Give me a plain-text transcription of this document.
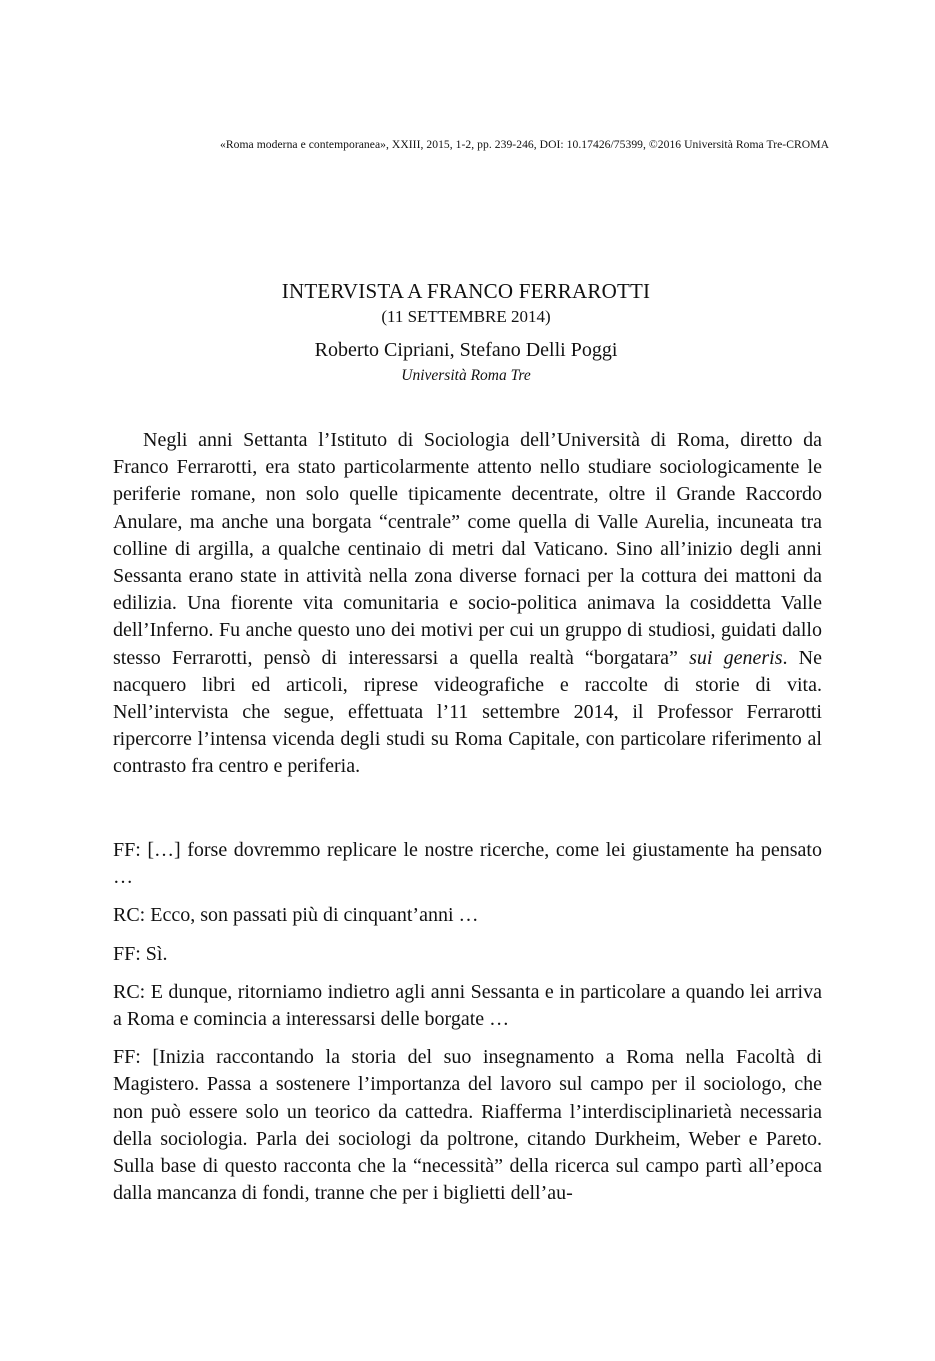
«Roma moderna e contemporanea», XXIII, 2015, 1-2, pp. 239-246, DOI: 10.17426/75399, ©2016 Università Roma Tre-CROMA
INTERVISTA A FRANCO FERRAROTTI
(11 SETTEMBRE 2014)
Roberto Cipriani, Stefano Delli Poggi
Università Roma Tre

Negli anni Settanta l’Istituto di Sociologia dell’Università di Roma, diretto da Franco Ferrarotti, era stato particolarmente attento nello studiare sociologicamente le periferie romane, non solo quelle tipicamente decentrate, oltre il Grande Raccordo Anulare, ma anche una borgata “centrale” come quella di Valle Aurelia, incuneata tra colline di argilla, a qualche centinaio di metri dal Vaticano. Sino all’inizio degli anni Sessanta erano state in attività nella zona diverse fornaci per la cottura dei mattoni da edilizia. Una fiorente vita comunitaria e socio-politica animava la cosiddetta Valle dell’Inferno. Fu anche questo uno dei motivi per cui un gruppo di studiosi, guidati dallo stesso Ferrarotti, pensò di interessarsi a quella realtà “borgatara” sui generis. Ne nacquero libri ed articoli, riprese videografiche e raccolte di storie di vita. Nell’intervista che segue, effettuata l’11 settembre 2014, il Professor Ferrarotti ripercorre l’intensa vicenda degli studi su Roma Capitale, con particolare riferimento al contrasto fra centro e periferia.

FF: […] forse dovremmo replicare le nostre ricerche, come lei giustamente ha pensato …

RC: Ecco, son passati più di cinquant’anni …

FF: Sì.

RC: E dunque, ritorniamo indietro agli anni Sessanta e in particolare a quando lei arriva a Roma e comincia a interessarsi delle borgate …

FF: [Inizia raccontando la storia del suo insegnamento a Roma nella Facoltà di Magistero. Passa a sostenere l’importanza del lavoro sul campo per il sociologo, che non può essere solo un teorico da cattedra. Riafferma l’interdisciplinarietà necessaria della sociologia. Parla dei sociologi da poltrone, citando Durkheim, Weber e Pareto. Sulla base di questo racconta che la “necessità” della ricerca sul campo partì all’epoca dalla mancanza di fondi, tranne che per i biglietti dell’au-
